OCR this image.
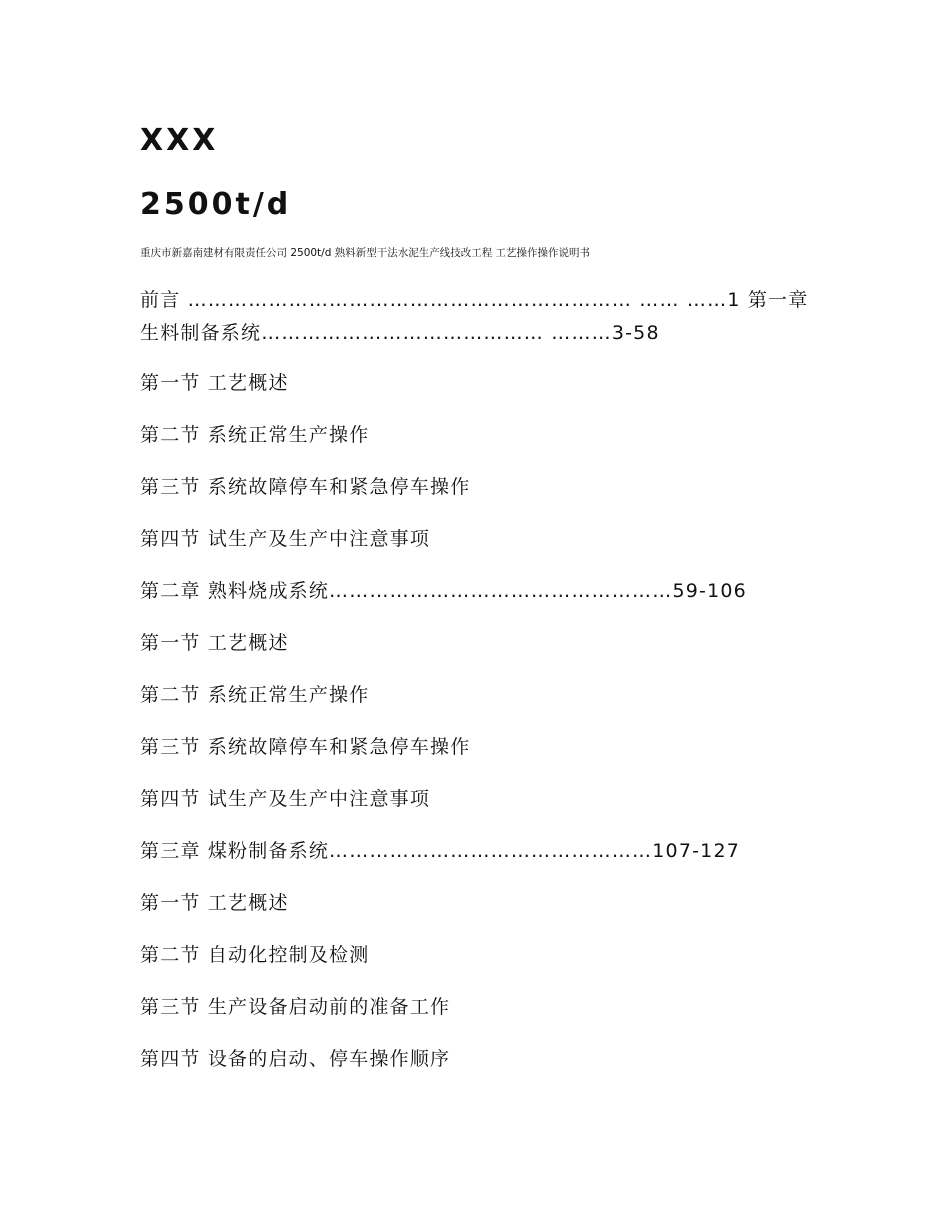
XXX
2500t/d

重庆市新嘉南建材有限责任公司 2500t/d 熟料新型干法水泥生产线技改工程 工艺操作操作说明书

前言 ………………………………………………………… …… ……1 第一章 生料制备系统…………………………………… ………3-58
第一节 工艺概述
第二节 系统正常生产操作
第三节 系统故障停车和紧急停车操作
第四节 试生产及生产中注意事项
第二章 熟料烧成系统……………………………………………59-106
第一节 工艺概述
第二节 系统正常生产操作
第三节 系统故障停车和紧急停车操作
第四节 试生产及生产中注意事项
第三章 煤粉制备系统…………………………………………107-127
第一节 工艺概述
第二节 自动化控制及检测
第三节 生产设备启动前的准备工作
第四节 设备的启动、停车操作顺序
